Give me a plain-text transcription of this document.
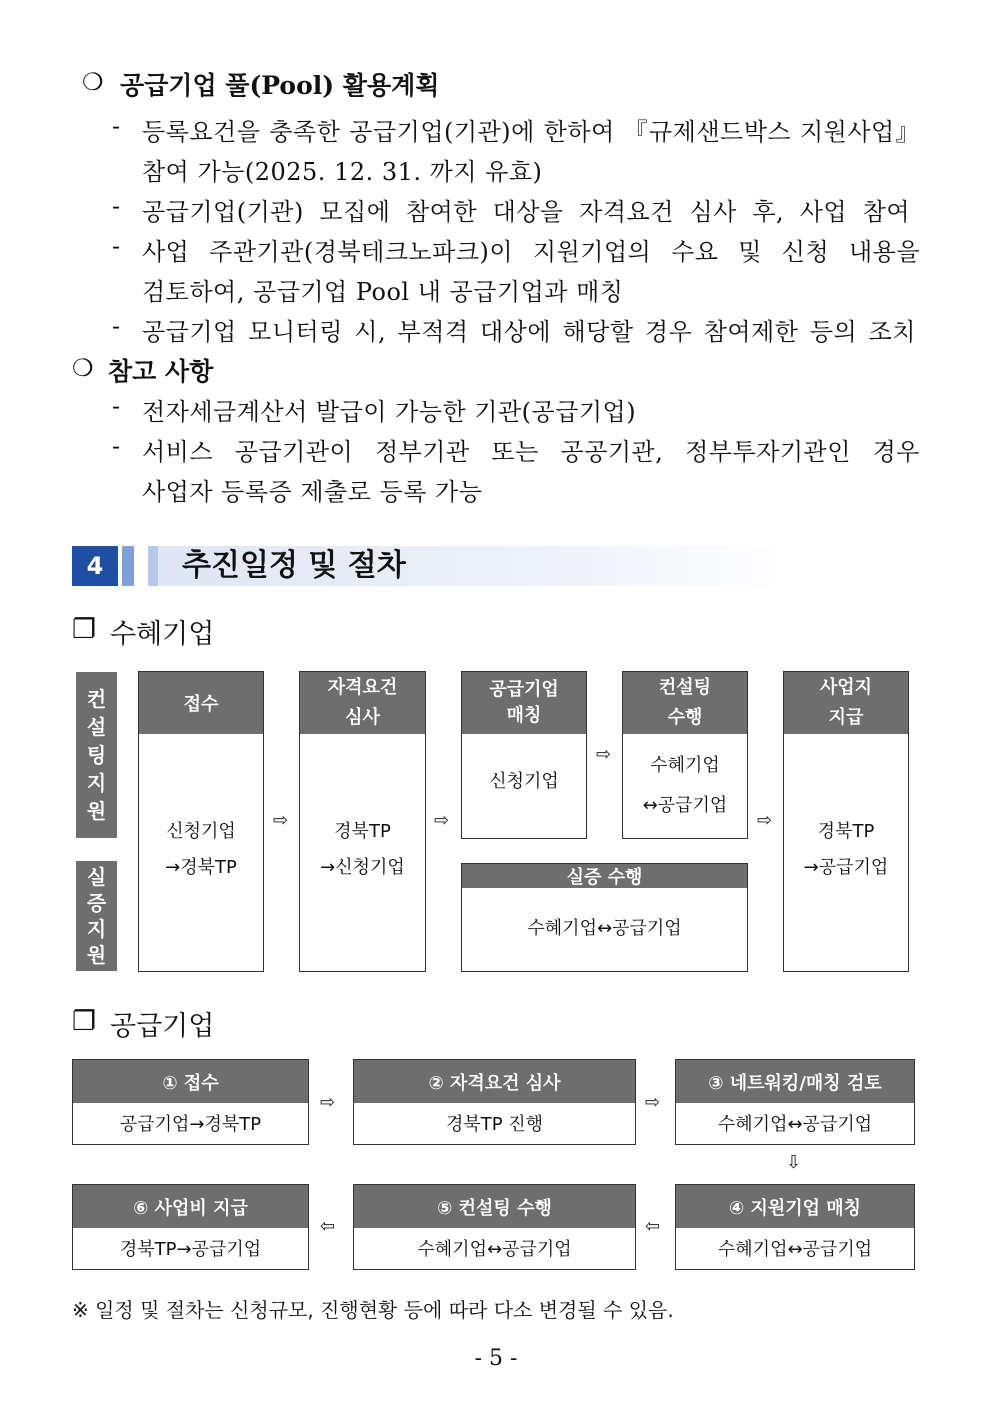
❍ 공급기업 풀(Pool) 활용계획
- 등록요건을 충족한 공급기업(기관)에 한하여 『규제샌드박스 지원사업』
참여 가능(2025. 12. 31. 까지 유효)
- 공급기업(기관) 모집에 참여한 대상을 자격요건 심사 후, 사업 참여
- 사업 주관기관(경북테크노파크)이 지원기업의 수요 및 신청 내용을
검토하여, 공급기업 Pool 내 공급기업과 매칭
- 공급기업 모니터링 시, 부적격 대상에 해당할 경우 참여제한 등의 조치
❍ 참고 사항
- 전자세금계산서 발급이 가능한 기관(공급기업)
- 서비스 공급기관이 정부기관 또는 공공기관, 정부투자기관인 경우
사업자 등록증 제출로 등록 가능
4	추진일정 및 절차
❐ 수혜기업
컨
설
팅
지
원
실
증
지
원
접수
신청기업
→경북TP
⇨
자격요건
심사
경북TP
→신청기업
⇨
공급기업
매칭
신청기업
⇨
컨설팅
수행
수혜기업
↔공급기업
⇨
사업지
지급
경북TP
→공급기업
실증 수행
수혜기업↔공급기업
❐ 공급기업
① 접수
공급기업→경북TP
⇨
② 자격요건 심사
경북TP 진행
⇨
③ 네트워킹/매칭 검토
수혜기업↔공급기업
⇩
⑥ 사업비 지급
경북TP→공급기업
⇦
⑤ 컨설팅 수행
수혜기업↔공급기업
⇦
④ 지원기업 매칭
수혜기업↔공급기업
※ 일정 및 절차는 신청규모, 진행현황 등에 따라 다소 변경될 수 있음.
- 5 -
